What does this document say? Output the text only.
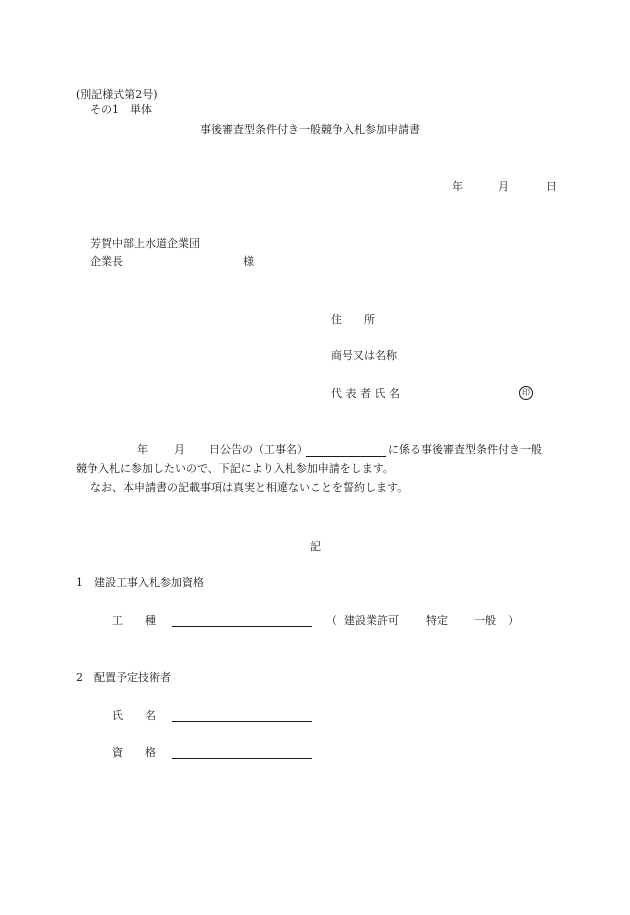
(別記様式第2号)
その1　単体
事後審査型条件付き一般競争入札参加申請書
年	月	日
芳賀中部上水道企業団
企業長	様
住　　所
商号又は名称
代 表 者 氏 名	印
年 月 日公告の（工事名）	に係る事後審査型条件付き一般
競争入札に参加したいので、下記により入札参加申請をします。
なお、本申請書の記載事項は真実と相違ないことを誓約します。
記
1　建設工事入札参加資格
工　　種	（ 建設業許可 特定 一般 ）
2　配置予定技術者
氏　　名
資　　格
